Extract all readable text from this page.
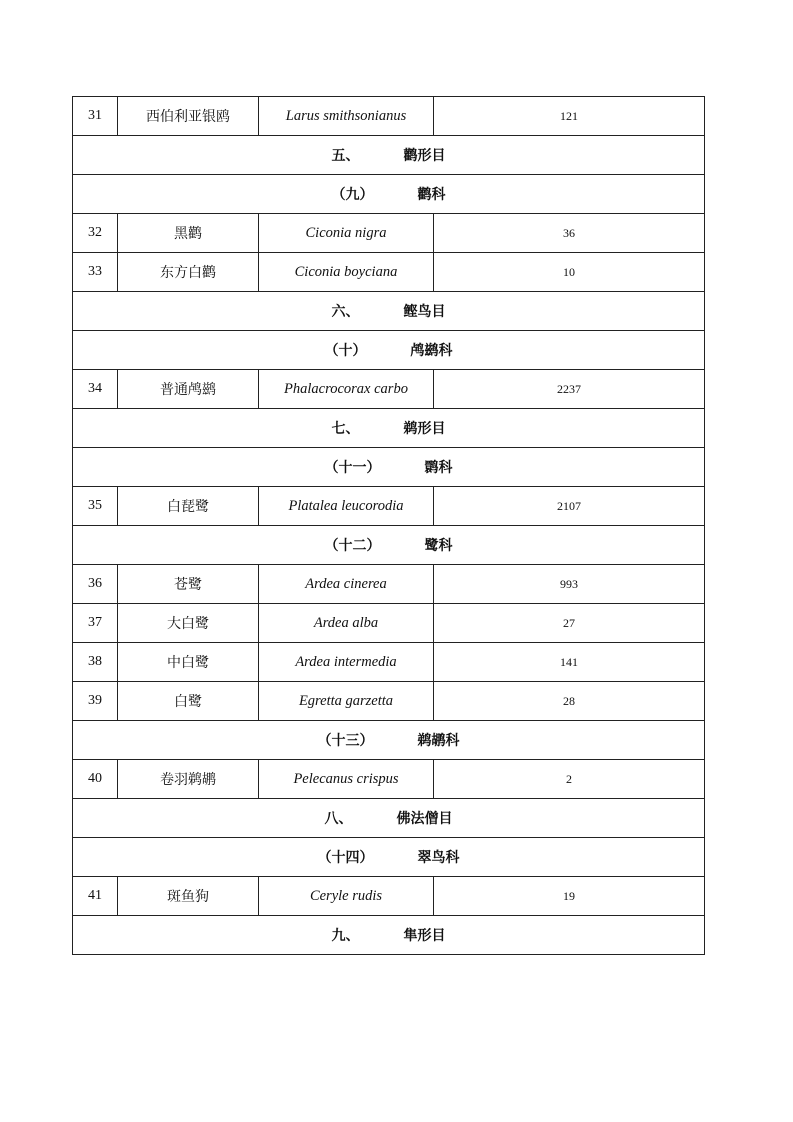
31	西伯利亚银鸥	Larus smithsonianus	121
五、 鹳形目			
（九） 鹳科			
32	黑鹳	Ciconia nigra	36
33	东方白鹳	Ciconia boyciana	10
六、 鲣鸟目			
（十） 鸬鹚科			
34	普通鸬鹚	Phalacrocorax carbo	2237
七、 鹈形目			
（十一） 鹮科			
35	白琵鹭	Platalea leucorodia	2107
（十二） 鹭科			
36	苍鹭	Ardea cinerea	993
37	大白鹭	Ardea alba	27
38	中白鹭	Ardea intermedia	141
39	白鹭	Egretta garzetta	28
（十三） 鹈鹕科			
40	卷羽鹈鹕	Pelecanus crispus	2
八、 佛法僧目			
（十四） 翠鸟科			
41	斑鱼狗	Ceryle rudis	19
九、 隼形目			
